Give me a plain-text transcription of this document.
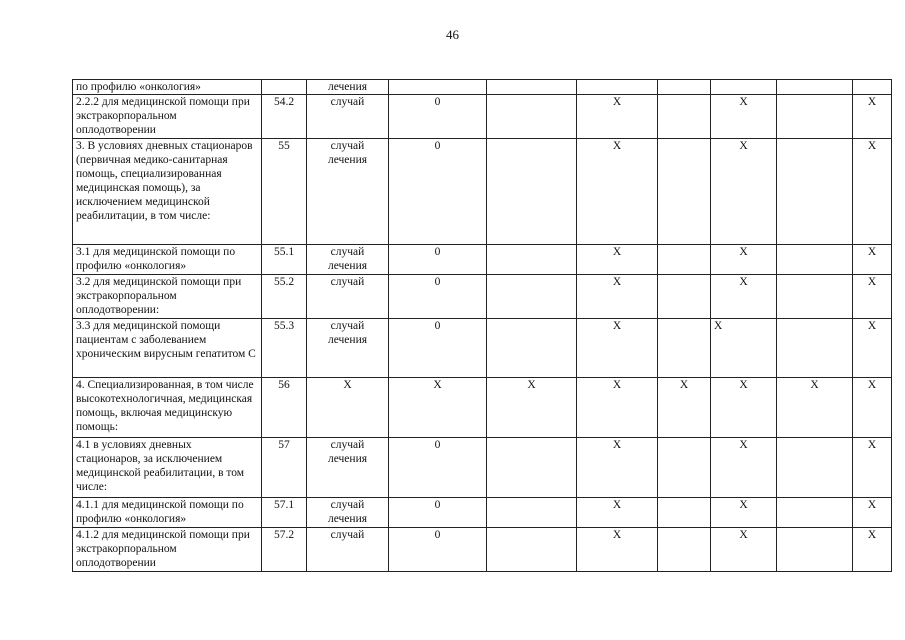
46
по профилю «онкология»		лечения							
2.2.2 для медицинской помощи при экстракорпоральном оплодотворении	54.2	случай	0		Х		Х		Х
3. В условиях дневных стационаров (первичная медико-санитарная помощь, специализированная медицинская помощь), за исключением медицинской реабилитации, в том числе:	55	случай лечения	0		Х		Х		Х
3.1 для медицинской помощи по профилю «онкология»	55.1	случай лечения	0		Х		Х		Х
3.2 для медицинской помощи при экстракорпоральном оплодотворении:	55.2	случай	0		Х		Х		Х
3.3 для медицинской помощи пациентам с заболеванием хроническим вирусным гепатитом С	55.3	случай лечения	0		Х		Х		Х
4. Специализированная, в том числе высокотехнологичная, медицинская помощь, включая медицинскую помощь:	56	Х	Х	Х	Х	Х	Х	Х	Х
4.1 в условиях дневных стационаров, за исключением медицинской реабилитации, в том числе:	57	случай лечения	0		Х		Х		Х
4.1.1 для медицинской помощи по профилю «онкология»	57.1	случай лечения	0		Х		Х		Х
4.1.2 для медицинской помощи при экстракорпоральном оплодотворении	57.2	случай	0		Х		Х		Х
